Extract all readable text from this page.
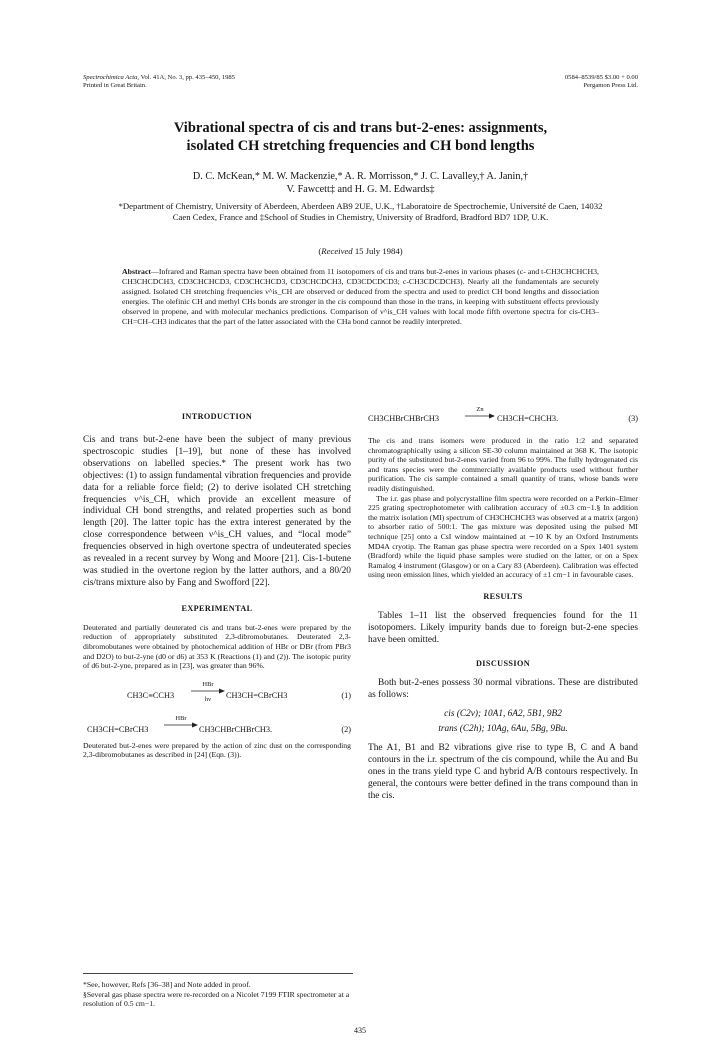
Spectrochimica Acta, Vol. 41A, No. 3, pp. 435–450, 1985
Printed in Great Britain.
0584–8539/85 $3.00 + 0.00
Pergamon Press Ltd.
Vibrational spectra of cis and trans but-2-enes: assignments,
isolated CH stretching frequencies and CH bond lengths
D. C. McKean,* M. W. Mackenzie,* A. R. Morrisson,* J. C. Lavalley,† A. Janin,†
V. Fawcett‡ and H. G. M. Edwards‡
*Department of Chemistry, University of Aberdeen, Aberdeen AB9 2UE, U.K., †Laboratoire de Spectrochemie, Université de Caen, 14032 Caen Cedex, France and ‡School of Studies in Chemistry, University of Bradford, Bradford BD7 1DP, U.K.
(Received 15 July 1984)
Abstract—Infrared and Raman spectra have been obtained from 11 isotopomers of cis and trans but-2-enes in various phases (c- and t-CH3CHCHCH3, CH3CHCDCH3, CD3CHCHCD3, CD3CHCHCD3, CD3CHCDCH3, CD3CDCDCD3; c-CH3CDCDCH3). Nearly all the fundamentals are securely assigned. Isolated CH stretching frequencies ν^is_CH are observed or deduced from the spectra and used to predict CH bond lengths and dissociation energies. The olefinic CH and methyl CHs bonds are stronger in the cis compound than those in the trans, in keeping with substituent effects previously observed in propene, and with molecular mechanics predictions. Comparison of ν^is_CH values with local mode fifth overtone spectra for cis-CH3–CH=CH–CH3 indicates that the part of the latter associated with the CHa bond cannot be readily interpreted.

INTRODUCTION

Cis and trans but-2-ene have been the subject of many previous spectroscopic studies [1–19], but none of these has involved observations on labelled species.* The present work has two objectives: (1) to assign fundamental vibration frequencies and provide data for a reliable force field; (2) to derive isolated CH stretching frequencies ν^is_CH, which provide an excellent measure of individual CH bond strengths, and related properties such as bond length [20]. The latter topic has the extra interest generated by the close correspondence between ν^is_CH values, and “local mode” frequencies observed in high overtone spectra of undeuterated species as revealed in a recent survey by Wong and Moore [21]. Cis-1-butene was studied in the overtone region by the latter authors, and a 80/20 cis/trans mixture also by Fang and Swofford [22].

EXPERIMENTAL

Deuterated and partially deuterated cis and trans but-2-enes were prepared by the reduction of appropriately substituted 2,3-dibromobutanes. Deuterated 2,3-dibromobutanes were obtained by photochemical addition of HBr or DBr (from PBr3 and D2O) to but-2-yne (d0 or d6) at 353 K (Reactions (1) and (2)). The isotopic purity of d6 but-2-yne, prepared as in [23], was greater than 96%.

CH3C≡CCH3
HBr

hν	CH3CH=CBrCH3	(1)
CH3CH=CBrCH3
HBr

CH3CHBrCHBrCH3.	(2)

Deuterated but-2-enes were prepared by the action of zinc dust on the corresponding 2,3-dibromobutanes as described in [24] (Eqn. (3)).

*See, however, Refs [36–38] and Note added in proof.
§Several gas phase spectra were re-recorded on a Nicolet 7199 FTIR spectrometer at a resolution of 0.5 cm−1.
CH3CHBrCHBrCH3
Zn

CH3CH=CHCH3.	(3)

The cis and trans isomers were produced in the ratio 1:2 and separated chromatographically using a silicon SE-30 column maintained at 368 K. The isotopic purity of the substituted but-2-enes varied from 96 to 99%. The fully hydrogenated cis and trans species were the commercially available products used without further purification. The cis sample contained a small quantity of trans, whose bands were readily distinguished.

The i.r. gas phase and polycrystalline film spectra were recorded on a Perkin–Elmer 225 grating spectrophotometer with calibration accuracy of ±0.3 cm−1.§ In addition the matrix isolation (MI) spectrum of CH3CHCHCH3 was observed at a matrix (argon) to absorber ratio of 500:1. The gas mixture was deposited using the pulsed MI technique [25] onto a CsI window maintained at ∼10 K by an Oxford Instruments MD4A cryotip. The Raman gas phase spectra were recorded on a Spex 1401 system (Bradford) while the liquid phase samples were studied on the latter, or on a Spex Ramalog 4 instrument (Glasgow) or on a Cary 83 (Aberdeen). Calibration was effected using neon emission lines, which yielded an accuracy of ±1 cm−1 in favourable cases.

RESULTS

Tables 1–11 list the observed frequencies found for the 11 isotopomers. Likely impurity bands due to foreign but-2-ene species have been omitted.

DISCUSSION

Both but-2-enes possess 30 normal vibrations. These are distributed as follows:

cis (C2v); 10A1, 6A2, 5B1, 9B2
trans (C2h); 10Ag, 6Au, 5Bg, 9Bu.

The A1, B1 and B2 vibrations give rise to type B, C and A band contours in the i.r. spectrum of the cis compound, while the Au and Bu ones in the trans yield type C and hybrid A/B contours respectively. In general, the contours were better defined in the trans compound than in the cis.

435
